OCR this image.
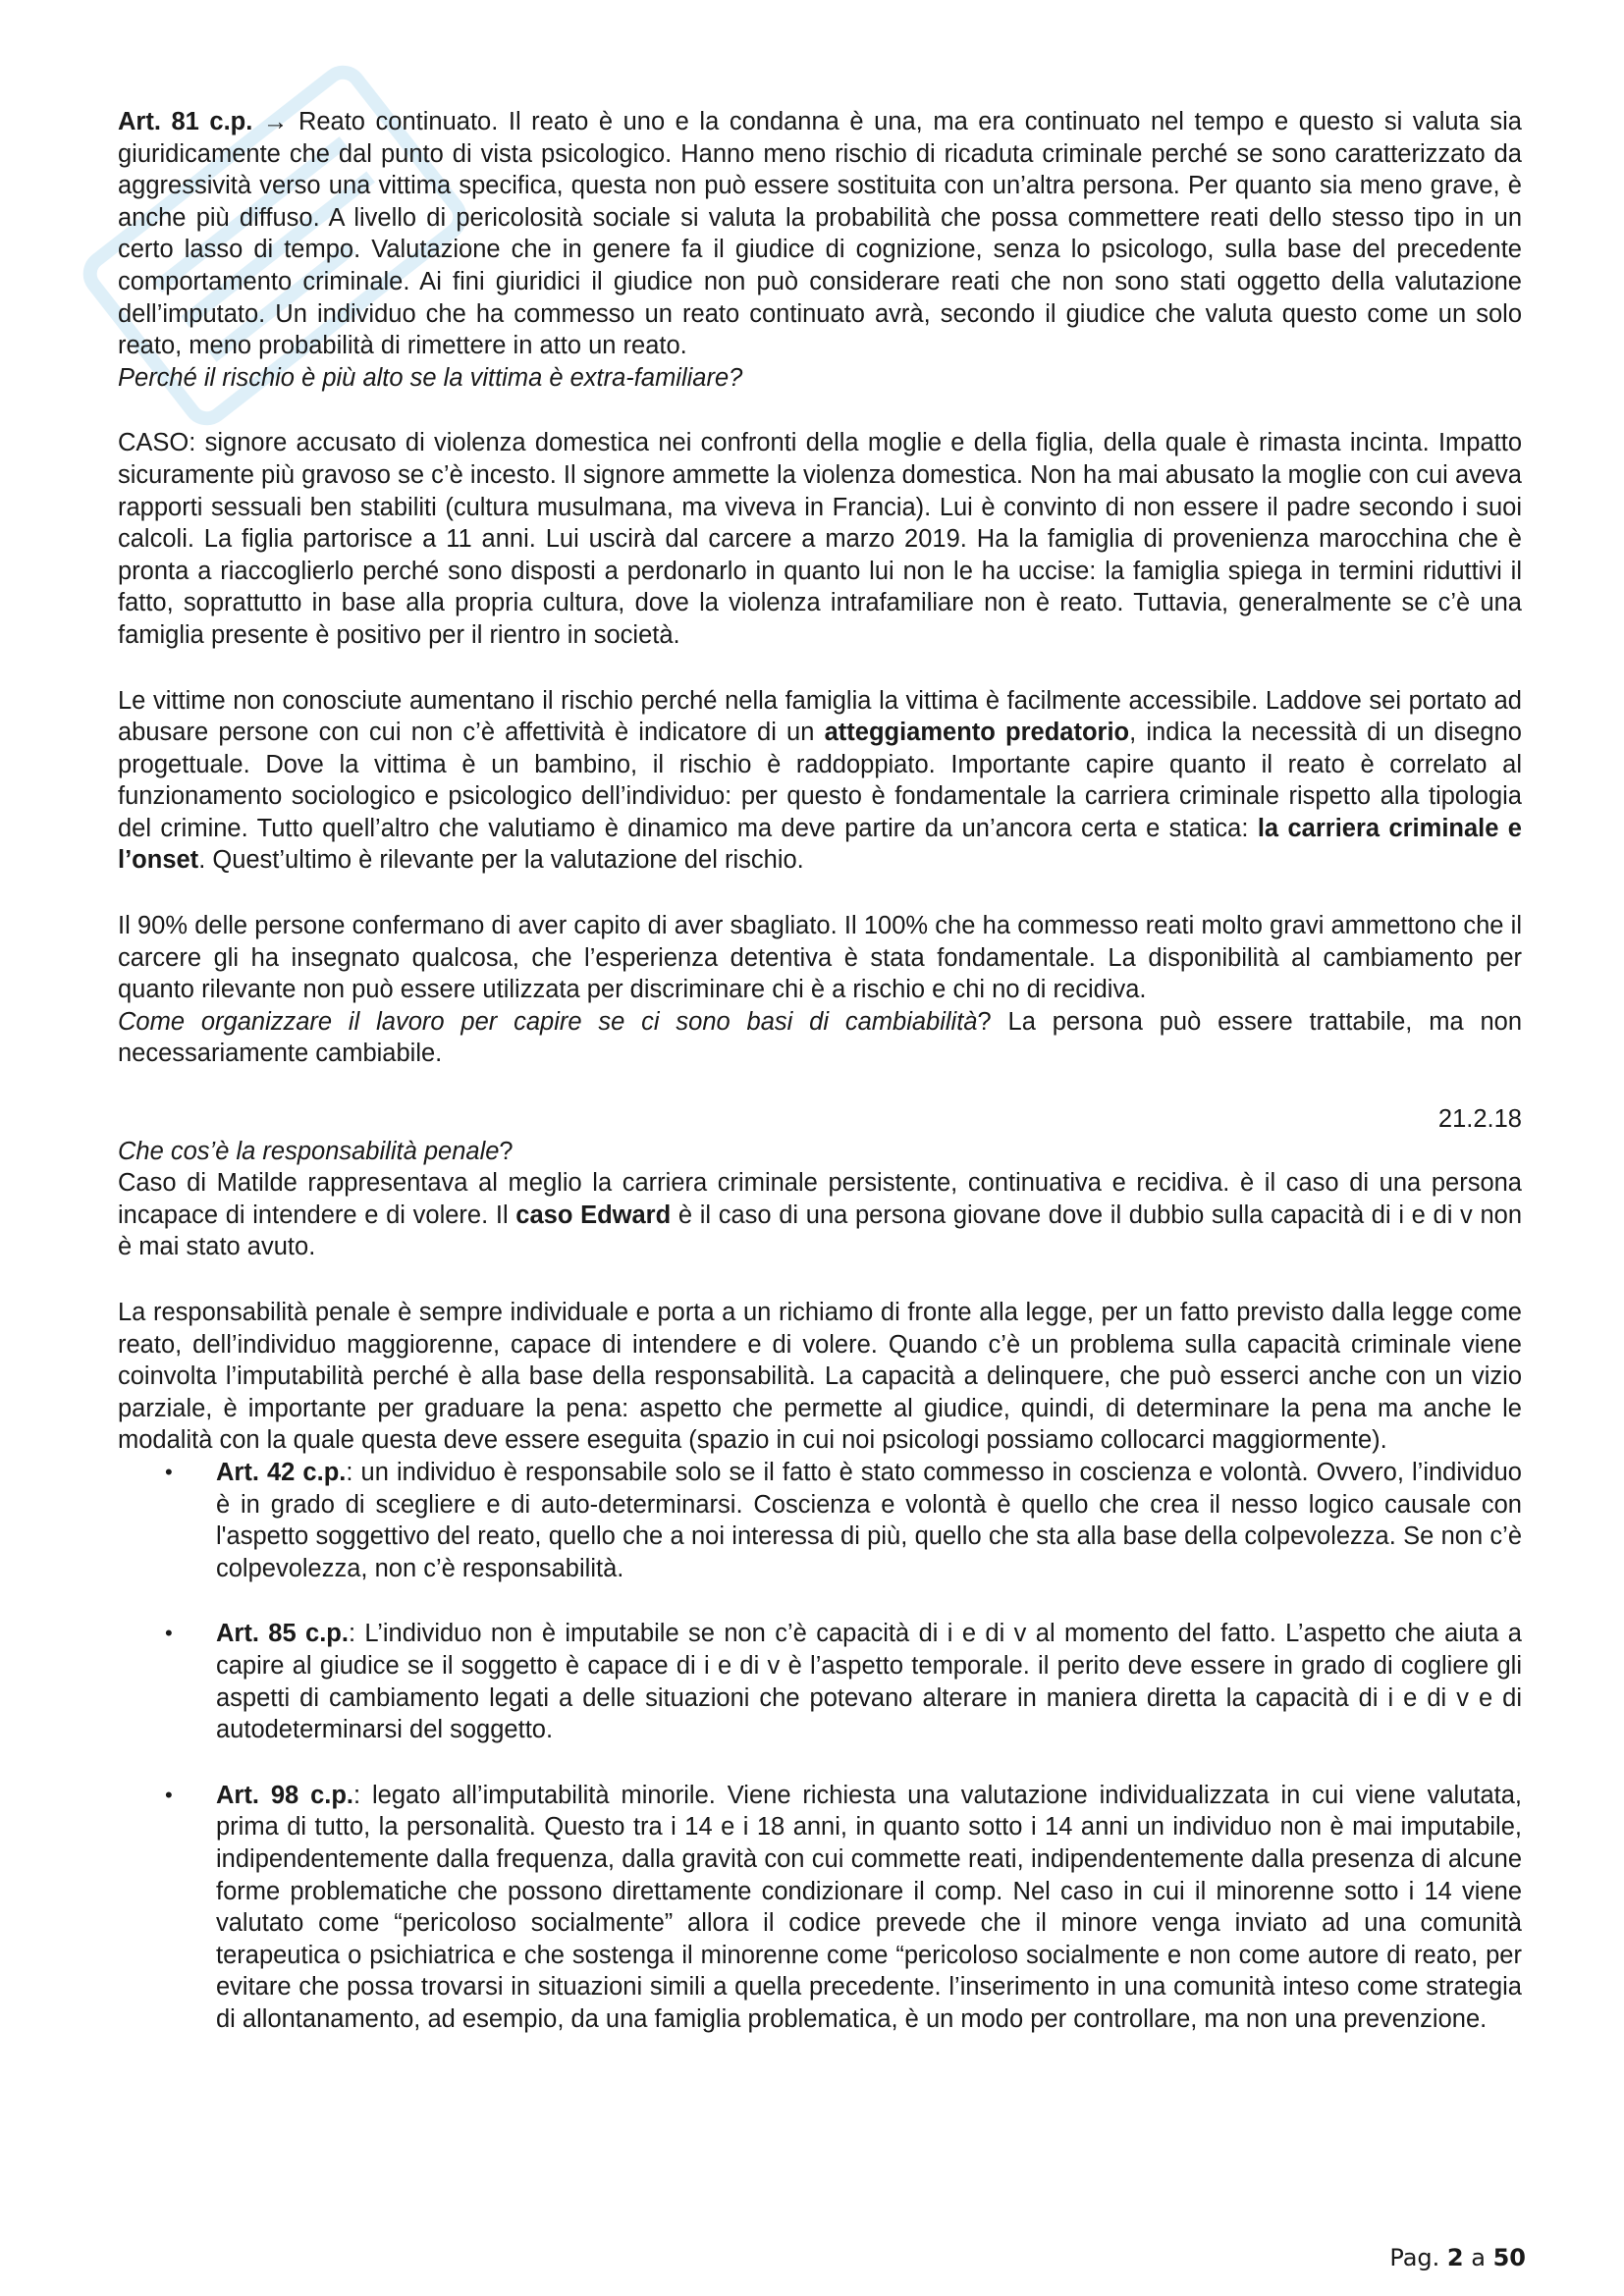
Art. 81 c.p. → Reato continuato. Il reato è uno e la condanna è una, ma era continuato nel tempo e questo si valuta sia giuridicamente che dal punto di vista psicologico. Hanno meno rischio di ricaduta criminale perché se sono caratterizzato da aggressività verso una vittima specifica, questa non può essere sostituita con un’altra persona. Per quanto sia meno grave, è anche più diffuso. A livello di pericolosità sociale si valuta la probabilità che possa commettere reati dello stesso tipo in un certo lasso di tempo. Valutazione che in genere fa il giudice di cognizione, senza lo psicologo, sulla base del precedente comportamento criminale. Ai fini giuridici il giudice non può considerare reati che non sono stati oggetto della valutazione dell’imputato. Un individuo che ha commesso un reato continuato avrà, secondo il giudice che valuta questo come un solo reato, meno probabilità di rimettere in atto un reato.
Perché il rischio è più alto se la vittima è extra-familiare?

CASO: signore accusato di violenza domestica nei confronti della moglie e della figlia, della quale è rimasta incinta. Impatto sicuramente più gravoso se c’è incesto. Il signore ammette la violenza domestica. Non ha mai abusato la moglie con cui aveva rapporti sessuali ben stabiliti (cultura musulmana, ma viveva in Francia). Lui è convinto di non essere il padre secondo i suoi calcoli. La figlia partorisce a 11 anni. Lui uscirà dal carcere a marzo 2019. Ha la famiglia di provenienza marocchina che è pronta a riaccoglierlo perché sono disposti a perdonarlo in quanto lui non le ha uccise: la famiglia spiega in termini riduttivi il fatto, soprattutto in base alla propria cultura, dove la violenza intrafamiliare non è reato. Tuttavia, generalmente se c’è una famiglia presente è positivo per il rientro in società.

Le vittime non conosciute aumentano il rischio perché nella famiglia la vittima è facilmente accessibile. Laddove sei portato ad abusare persone con cui non c’è affettività è indicatore di un atteggiamento predatorio, indica la necessità di un disegno progettuale. Dove la vittima è un bambino, il rischio è raddoppiato. Importante capire quanto il reato è correlato al funzionamento sociologico e psicologico dell’individuo: per questo è fondamentale la carriera criminale rispetto alla tipologia del crimine. Tutto quell’altro che valutiamo è dinamico ma deve partire da un’ancora certa e statica: la carriera criminale e l’onset. Quest’ultimo è rilevante per la valutazione del rischio.

Il 90% delle persone confermano di aver capito di aver sbagliato. Il 100% che ha commesso reati molto gravi ammettono che il carcere gli ha insegnato qualcosa, che l’esperienza detentiva è stata fondamentale. La disponibilità al cambiamento per quanto rilevante non può essere utilizzata per discriminare chi è a rischio e chi no di recidiva.
Come organizzare il lavoro per capire se ci sono basi di cambiabilità? La persona può essere trattabile, ma non necessariamente cambiabile.

21.2.18

Che cos’è la responsabilità penale?
Caso di Matilde rappresentava al meglio la carriera criminale persistente, continuativa e recidiva. è il caso di una persona incapace di intendere e di volere. Il caso Edward è il caso di una persona giovane dove il dubbio sulla capacità di i e di v non è mai stato avuto.

La responsabilità penale è sempre individuale e porta a un richiamo di fronte alla legge, per un fatto previsto dalla legge come reato, dell’individuo maggiorenne, capace di intendere e di volere. Quando c’è un problema sulla capacità criminale viene coinvolta l’imputabilità perché è alla base della responsabilità. La capacità a delinquere, che può esserci anche con un vizio parziale, è importante per graduare la pena: aspetto che permette al giudice, quindi, di determinare la pena ma anche le modalità con la quale questa deve essere eseguita (spazio in cui noi psicologi possiamo collocarci maggiormente).

• Art. 42 c.p.: un individuo è responsabile solo se il fatto è stato commesso in coscienza e volontà. Ovvero, l’individuo è in grado di scegliere e di auto-determinarsi. Coscienza e volontà è quello che crea il nesso logico causale con l'aspetto soggettivo del reato, quello che a noi interessa di più, quello che sta alla base della colpevolezza. Se non c’è colpevolezza, non c’è responsabilità.
• Art. 85 c.p.: L’individuo non è imputabile se non c’è capacità di i e di v al momento del fatto. L’aspetto che aiuta a capire al giudice se il soggetto è capace di i e di v è l’aspetto temporale. il perito deve essere in grado di cogliere gli aspetti di cambiamento legati a delle situazioni che potevano alterare in maniera diretta la capacità di i e di v e di autodeterminarsi del soggetto.
• Art. 98 c.p.: legato all’imputabilità minorile. Viene richiesta una valutazione individualizzata in cui viene valutata, prima di tutto, la personalità. Questo tra i 14 e i 18 anni, in quanto sotto i 14 anni un individuo non è mai imputabile, indipendentemente dalla frequenza, dalla gravità con cui commette reati, indipendentemente dalla presenza di alcune forme problematiche che possono direttamente condizionare il comp. Nel caso in cui il minorenne sotto i 14 viene valutato come “pericoloso socialmente” allora il codice prevede che il minore venga inviato ad una comunità terapeutica o psichiatrica e che sostenga il minorenne come “pericoloso socialmente e non come autore di reato, per evitare che possa trovarsi in situazioni simili a quella precedente. l’inserimento in una comunità inteso come strategia di allontanamento, ad esempio, da una famiglia problematica, è un modo per controllare, ma non una prevenzione.
Pag. 2 a 50
